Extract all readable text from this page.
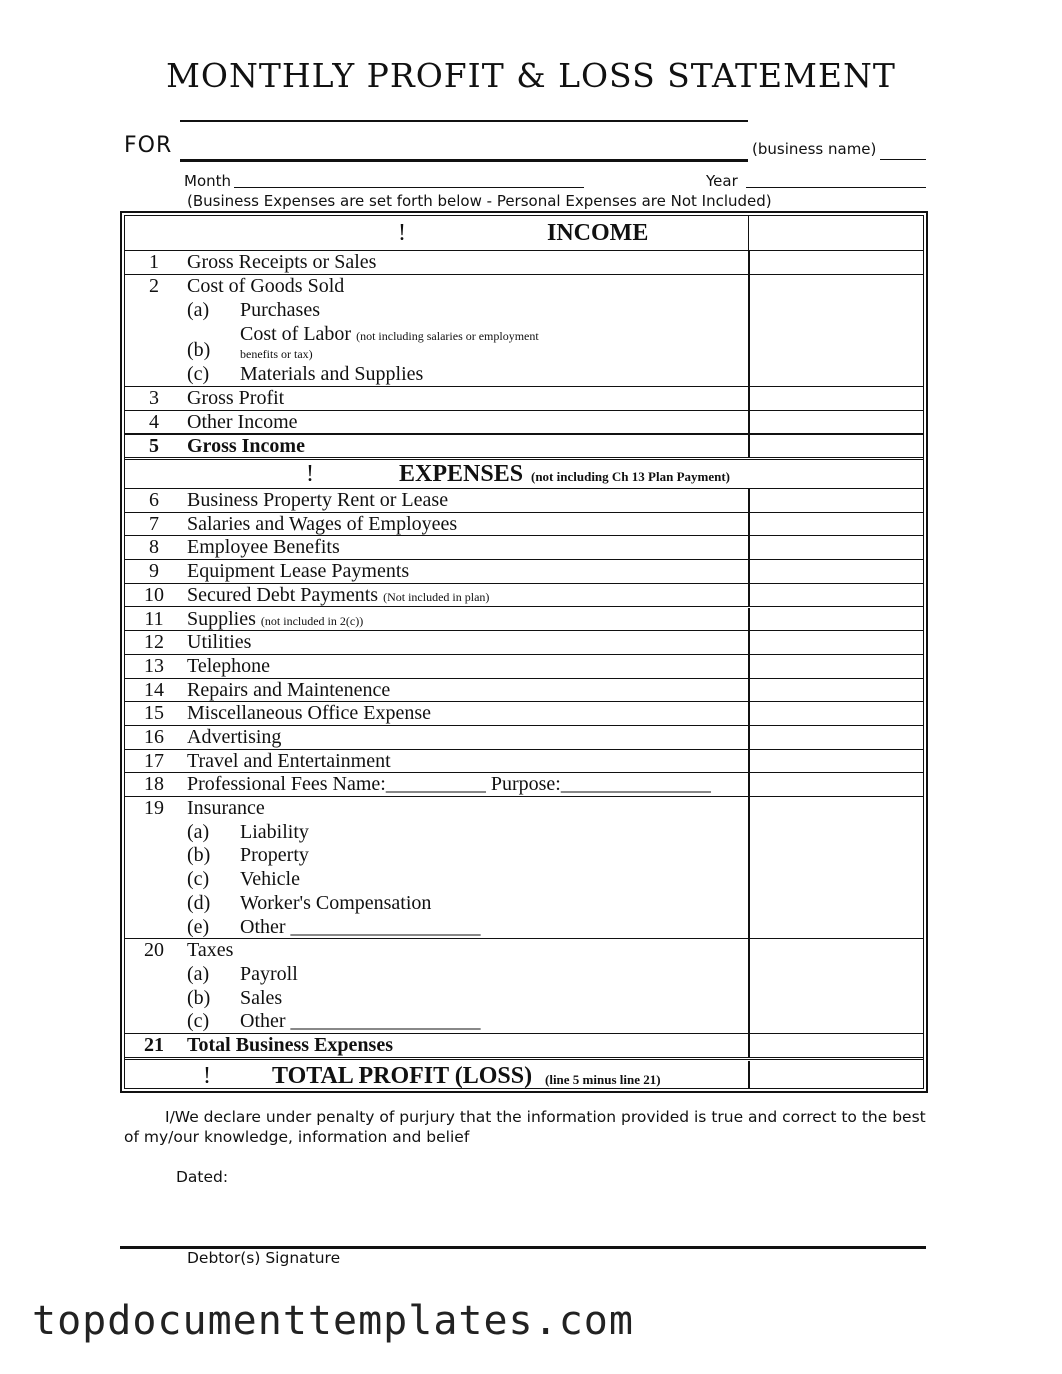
MONTHLY PROFIT & LOSS STATEMENT
FOR	(business name)
Month	Year
(Business Expenses are set forth below - Personal Expenses are Not Included)
!	INCOME
1	Gross Receipts or Sales
2	Cost of Goods Sold
(a) Purchases
Cost of Labor (not including salaries or employment
(b) benefits or tax)
(c) Materials and Supplies
3	Gross Profit
4	Other Income
5	Gross Income
!	EXPENSES (not including Ch 13 Plan Payment)
6	Business Property Rent or Lease
7	Salaries and Wages of Employees
8	Employee Benefits
9	Equipment Lease Payments
10	Secured Debt Payments (Not included in plan)
11	Supplies (not included in 2(c))
12	Utilities
13	Telephone
14	Repairs and Maintenence
15	Miscellaneous Office Expense
16	Advertising
17	Travel and Entertainment
18	Professional Fees Name:__________ Purpose:_______________
19	Insurance
(a) Liability
(b) Property
(c) Vehicle
(d) Worker's Compensation
(e) Other ___________________
20	Taxes
(a) Payroll
(b) Sales
(c) Other ___________________
21	Total Business Expenses
!	TOTAL PROFIT (LOSS) (line 5 minus line 21)
I/We declare under penalty of purjury that the information provided is true and correct to the best
of my/our knowledge, information and belief
Dated:
Debtor(s) Signature
topdocumenttemplates.com
